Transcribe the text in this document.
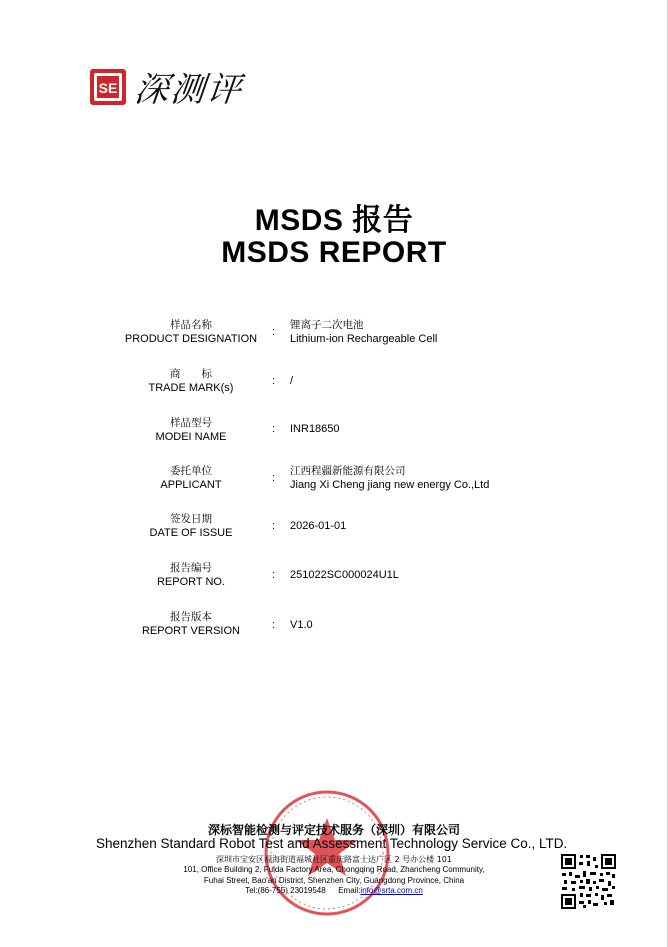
SE 深测评
MSDS 报告
MSDS REPORT
样品名称
PRODUCT DESIGNATION
:
锂离子二次电池
Lithium-ion Rechargeable Cell
商　　标
TRADE MARK(s)
: /
样品型号
MODEI NAME
: INR18650
委托单位
APPLICANT
:
江西程疆新能源有限公司
Jiang Xi Cheng jiang new energy Co.,Ltd
签发日期
DATE OF ISSUE
: 2026-01-01
报告编号
REPORT NO.
: 251022SC000024U1L
报告版本
REPORT VERSION	: V1.0
深标智能检测与评定技术服务（深圳）有限公司
Shenzhen Standard Robot Test and Assessment Technology Service Co., LTD.
深圳市宝安区福海街道福城社区重庆路富士达广区 2 号办公楼 101
101, Office Building 2, Fulda Factory Area, Chongqing Road, Zhancheng Community,
Fuhai Street, Bao'an District, Shenzhen City, Guangdong Province, China
Tel:(86-755) 23019548 Email:info@srta.com.cn
